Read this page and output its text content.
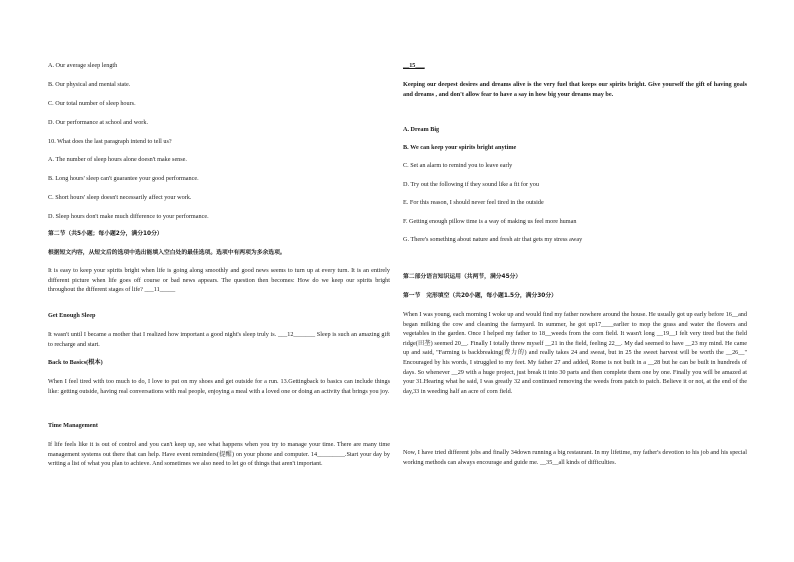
A. Our average sleep length
B. Our physical and mental state.
C. Our total number of sleep hours.
D. Our performance at school and work.
10. What does the last paragraph intend to tell us?
A. The number of sleep hours alone doesn't make sense.
B. Long hours' sleep can't guarantee your good performance.
C. Short hours' sleep doesn't necessarily affect your work.
D. Sleep hours don't make much difference to your performance.
第二节（共5小题；每小题2分，满分10分）
根据短文内容，从短文后的选项中选出能填入空白处的最佳选项。选项中有两项为多余选项。
It is easy to keep your spirits bright when life is going along smoothly and good news seems to turn up at every turn. It is an entirely different picture when life goes off course or bad news appears. The question then becomes: How do we keep our spirits bright throughout the different stages of life? ___11_____
Get Enough Sleep
It wasn't until I became a mother that I realized how important a good night's sleep truly is. ___12_______ Sleep is such an amazing gift to recharge and start.
Back to Basics(根本)
When I feel tired with too much to do, I love to put on my shoes and get outside for a run. 13.Gettingback to basics can include things like: getting outside, having real conversations with real people, enjoying a meal with a loved one or doing an activity that brings you joy.
Time Management
If life feels like it is out of control and you can't keep up, see what happens when you try to manage your time. There are many time management systems out there that can help. Have event reminders(提醒) on your phone and computer. 14_________.Start your day by writing a list of what you plan to achieve. And sometimes we also need to let go of things that aren't important.
__15___
Keeping our deepest desires and dreams alive is the very fuel that keeps our spirits bright. Give yourself the gift of having goals and dreams , and don't allow fear to have a say in how big your dreams may be.
A. Dream Big
B. We can keep your spirits bright anytime
C. Set an alarm to remind you to leave early
D. Try out the following if they sound like a fit for you
E. For this reason, I should never feel tired in the outside
F. Getting enough pillow time is a way of making us feel more human
G. There's something about nature and fresh air that gets my stress away
第二部分语言知识运用（共两节，满分45分）
第一节　完形填空（共20小题，每小题1.5分，满分30分）
When I was young, each morning I woke up and would find my father nowhere around the house. He usually got up early before 16__and began milking the cow and cleaning the farmyard. In summer, he got up17____earlier to mop the grass and water the flowers and vegetables in the garden. Once I helped my father to 18__weeds from the corn field. It wasn't long __19__I felt very tired but the field ridge(田垄) seemed 20__. Finally I totally threw myself __21 in the field, feeling 22__. My dad seemed to have __23 my mind. He came up and said, "Farming is backbreaking(费力的) and really takes 24 and sweat, but in 25 the sweet harvest will be worth the __26__" Encouraged by his words, I struggled to my feet. My father 27 and added, Rome is not built in a __28 but he can be built in hundreds of days. So whenever __29 with a huge project, just break it into 30 parts and then complete them one by one. Finally you will be amazed at your 31.Hearing what he said, I was greatly 32 and continued removing the weeds from patch to patch. Believe it or not, at the end of the day,33 in weeding half an acre of corn field.
Now, I have tried different jobs and finally 34down running a big restaurant. In my lifetime, my father's devotion to his job and his special working methods can always encourage and guide me. __35__all kinds of difficulties.
